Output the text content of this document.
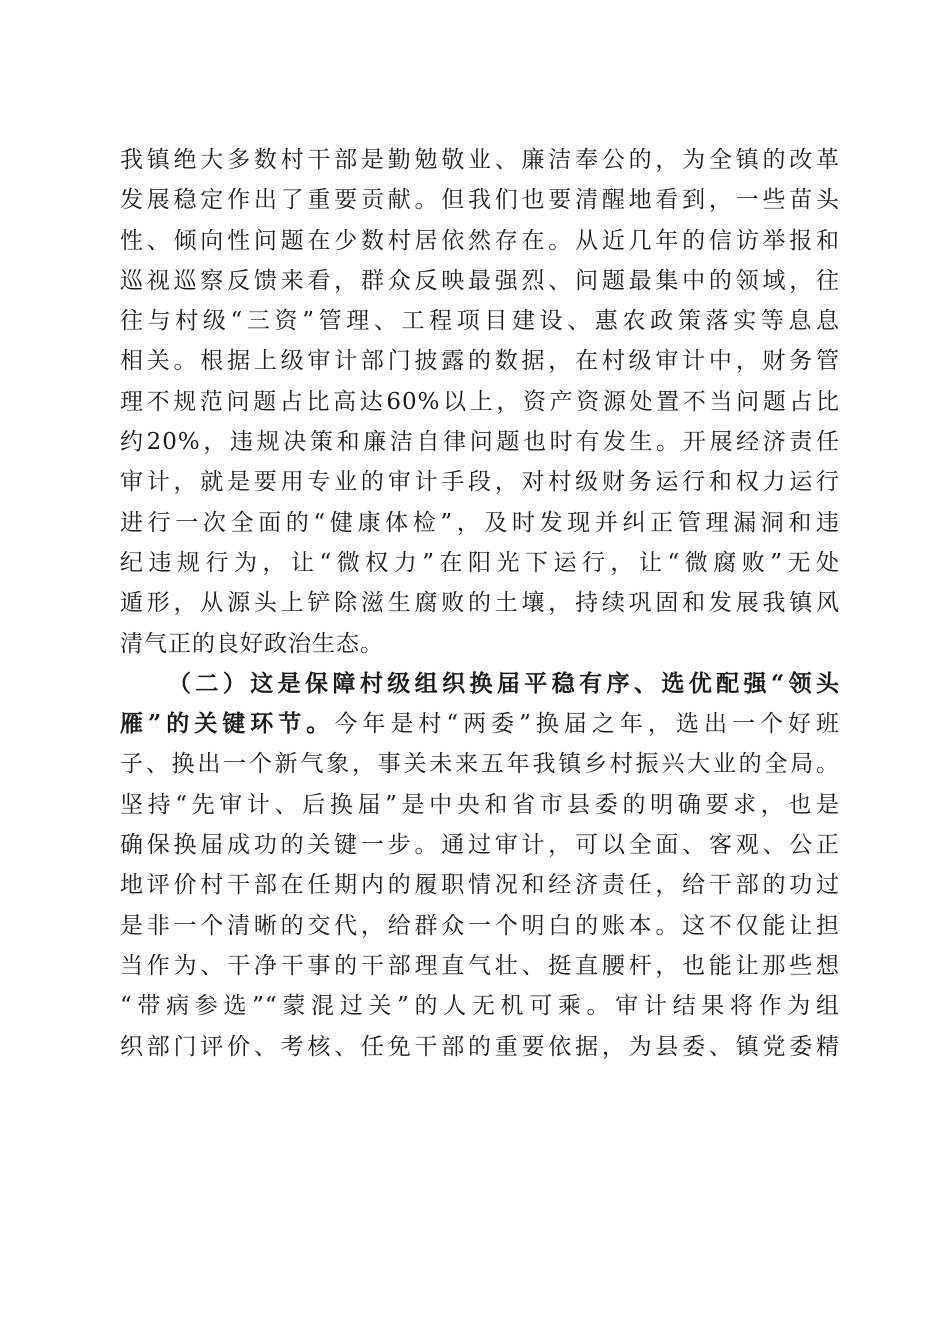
我镇绝大多数村干部是勤勉敬业、廉洁奉公的，为全镇的改革
发展稳定作出了重要贡献。但我们也要清醒地看到，一些苗头
性、倾向性问题在少数村居依然存在。从近几年的信访举报和
巡视巡察反馈来看，群众反映最强烈、问题最集中的领域，往
往与村级“三资”管理、工程项目建设、惠农政策落实等息息
相关。根据上级审计部门披露的数据，在村级审计中，财务管
理不规范问题占比高达60%以上，资产资源处置不当问题占比
约20%，违规决策和廉洁自律问题也时有发生。开展经济责任
审计，就是要用专业的审计手段，对村级财务运行和权力运行
进行一次全面的“健康体检”，及时发现并纠正管理漏洞和违
纪违规行为，让“微权力”在阳光下运行，让“微腐败”无处
遁形，从源头上铲除滋生腐败的土壤，持续巩固和发展我镇风
清气正的良好政治生态。
（二）这是保障村级组织换届平稳有序、选优配强“领头
雁”的关键环节。今年是村“两委”换届之年，选出一个好班
子、换出一个新气象，事关未来五年我镇乡村振兴大业的全局。
坚持“先审计、后换届”是中央和省市县委的明确要求，也是
确保换届成功的关键一步。通过审计，可以全面、客观、公正
地评价村干部在任期内的履职情况和经济责任，给干部的功过
是非一个清晰的交代，给群众一个明白的账本。这不仅能让担
当作为、干净干事的干部理直气壮、挺直腰杆，也能让那些想
“带病参选”“蒙混过关”的人无机可乘。审计结果将作为组
织部门评价、考核、任免干部的重要依据，为县委、镇党委精
